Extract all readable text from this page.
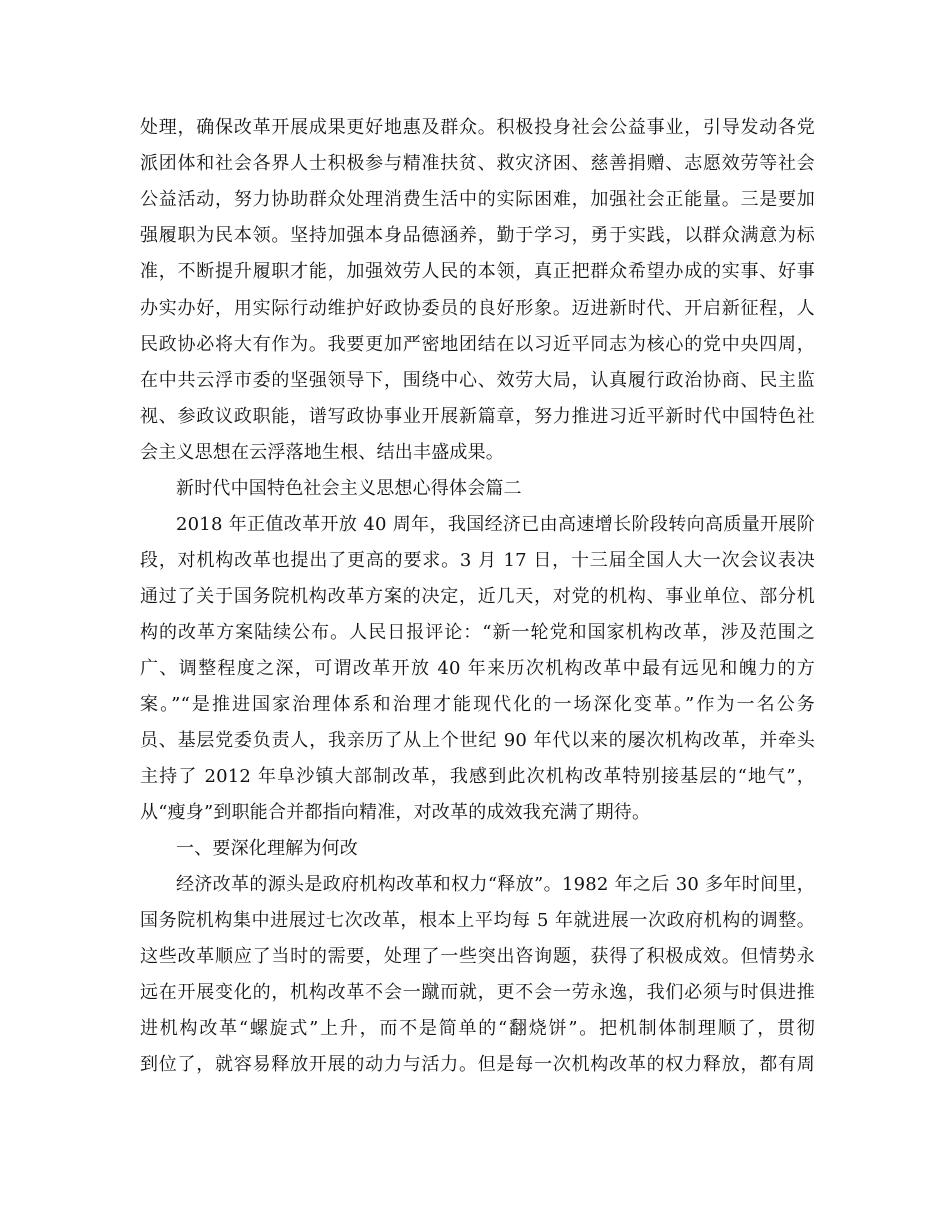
处理，确保改革开展成果更好地惠及群众。积极投身社会公益事业，引导发动各党
派团体和社会各界人士积极参与精准扶贫、救灾济困、慈善捐赠、志愿效劳等社会
公益活动，努力协助群众处理消费生活中的实际困难，加强社会正能量。三是要加
强履职为民本领。坚持加强本身品德涵养，勤于学习，勇于实践，以群众满意为标
准，不断提升履职才能，加强效劳人民的本领，真正把群众希望办成的实事、好事
办实办好，用实际行动维护好政协委员的良好形象。迈进新时代、开启新征程，人
民政协必将大有作为。我要更加严密地团结在以习近平同志为核心的党中央四周，
在中共云浮市委的坚强领导下，围绕中心、效劳大局，认真履行政治协商、民主监
视、参政议政职能，谱写政协事业开展新篇章，努力推进习近平新时代中国特色社
会主义思想在云浮落地生根、结出丰盛成果。
新时代中国特色社会主义思想心得体会篇二
2018 年正值改革开放 40 周年，我国经济已由高速增长阶段转向高质量开展阶
段，对机构改革也提出了更高的要求。3 月 17 日，十三届全国人大一次会议表决
通过了关于国务院机构改革方案的决定，近几天，对党的机构、事业单位、部分机
构的改革方案陆续公布。人民日报评论：“新一轮党和国家机构改革，涉及范围之
广、调整程度之深，可谓改革开放 40 年来历次机构改革中最有远见和魄力的方
案。”“是推进国家治理体系和治理才能现代化的一场深化变革。”作为一名公务
员、基层党委负责人，我亲历了从上个世纪 90 年代以来的屡次机构改革，并牵头
主持了 2012 年阜沙镇大部制改革，我感到此次机构改革特别接基层的“地气”，
从“瘦身”到职能合并都指向精准，对改革的成效我充满了期待。
一、要深化理解为何改
经济改革的源头是政府机构改革和权力“释放”。1982 年之后 30 多年时间里，
国务院机构集中进展过七次改革，根本上平均每 5 年就进展一次政府机构的调整。
这些改革顺应了当时的需要，处理了一些突出咨询题，获得了积极成效。但情势永
远在开展变化的，机构改革不会一蹴而就，更不会一劳永逸，我们必须与时俱进推
进机构改革“螺旋式”上升，而不是简单的“翻烧饼”。把机制体制理顺了，贯彻
到位了，就容易释放开展的动力与活力。但是每一次机构改革的权力释放，都有周
